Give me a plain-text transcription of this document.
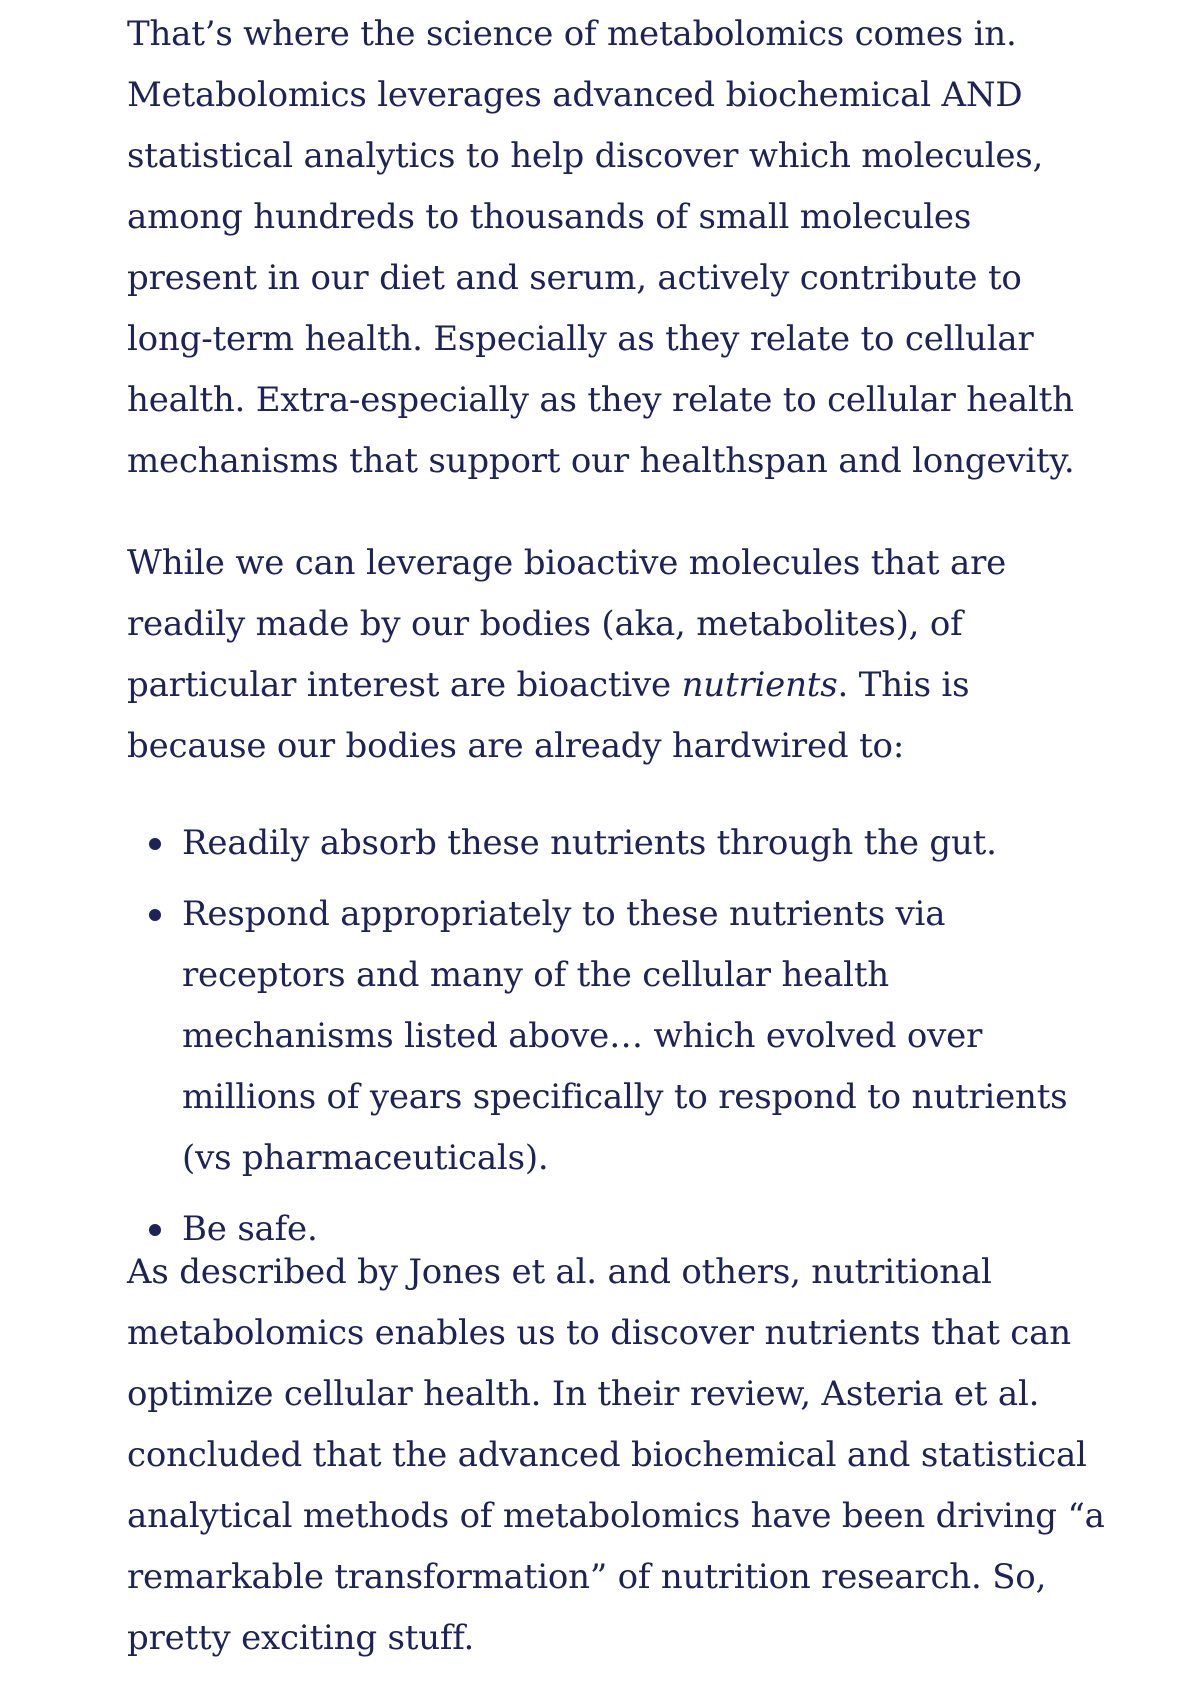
That’s where the science of metabolomics comes in. Metabolomics leverages advanced biochemical AND statistical analytics to help discover which molecules, among hundreds to thousands of small molecules present in our diet and serum, actively contribute to long-term health. Especially as they relate to cellular health. Extra-especially as they relate to cellular health mechanisms that support our healthspan and longevity.

While we can leverage bioactive molecules that are readily made by our bodies (aka, metabolites), of particular interest are bioactive nutrients. This is because our bodies are already hardwired to:

Readily absorb these nutrients through the gut.
Respond appropriately to these nutrients via receptors and many of the cellular health mechanisms listed above… which evolved over millions of years specifically to respond to nutrients (vs pharmaceuticals).
Be safe.

As described by Jones et al. and others, nutritional metabolomics enables us to discover nutrients that can optimize cellular health. In their review, Asteria et al. concluded that the advanced biochemical and statistical analytical methods of metabolomics have been driving “a remarkable transformation” of nutrition research. So, pretty exciting stuff.
